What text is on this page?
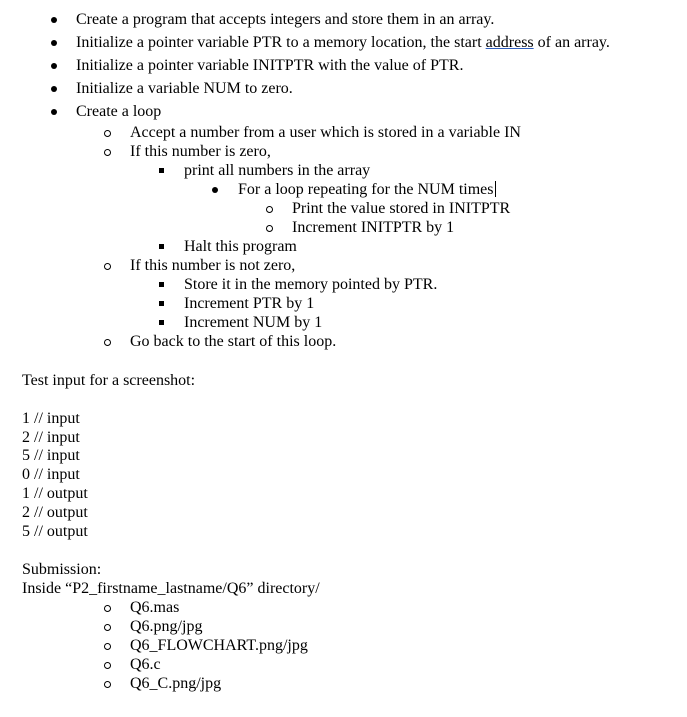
Create a program that accepts integers and store them in an array.
Initialize a pointer variable PTR to a memory location, the start address of an array.
Initialize a pointer variable INITPTR with the value of PTR.
Initialize a variable NUM to zero.
Create a loop
Accept a number from a user which is stored in a variable IN
If this number is zero,
print all numbers in the array
For a loop repeating for the NUM times
Print the value stored in INITPTR
Increment INITPTR by 1
Halt this program
If this number is not zero,
Store it in the memory pointed by PTR.
Increment PTR by 1
Increment NUM by 1
Go back to the start of this loop.
Test input for a screenshot:
1 // input
2 // input
5 // input
0 // input
1 // output
2 // output
5 // output
Submission:
Inside “P2_firstname_lastname/Q6” directory/
Q6.mas
Q6.png/jpg
Q6_FLOWCHART.png/jpg
Q6.c
Q6_C.png/jpg
